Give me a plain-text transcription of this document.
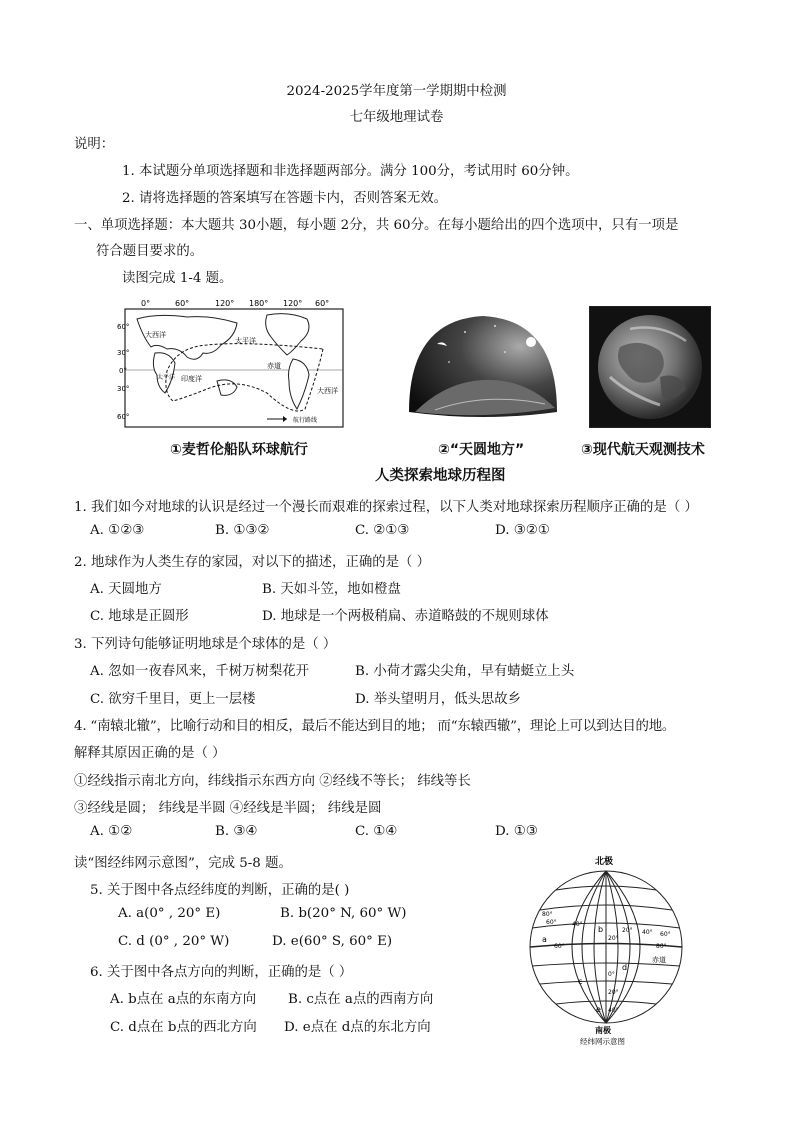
2024-2025学年度第一学期期中检测
七年级地理试卷
说明：
1. 本试题分单项选择题和非选择题两部分。满分 100分，考试用时 60分钟。
2. 请将选择题的答案填写在答题卡内，否则答案无效。
一、单项选择题：本大题共 30小题，每小题 2分，共 60分。在每小题给出的四个选项中，只有一项是
符合题目要求的。
读图完成 1-4 题。
0°	60°	120° 180° 120° 60°
60°
30°
0°
30°
60°
太平洋
大西洋
印度洋
大西洋
太平洋
赤道
航行路线
①麦哲伦船队环球航行	②“天圆地方”	③现代航天观测技术
人类探索地球历程图
1. 我们如今对地球的认识是经过一个漫长而艰难的探索过程，以下人类对地球探索历程顺序正确的是（ ）
A. ①②③	B. ①③②	C. ②①③	D. ③②①
2. 地球作为人类生存的家园，对以下的描述，正确的是（ ）
A. 天圆地方	B. 天如斗笠，地如橙盘
C. 地球是正圆形	D. 地球是一个两极稍扁、赤道略鼓的不规则球体
3. 下列诗句能够证明地球是个球体的是（ ）
A. 忽如一夜春风来，千树万树梨花开	B. 小荷才露尖尖角，早有蜻蜓立上头
C. 欲穷千里目，更上一层楼	D. 举头望明月，低头思故乡
4. “南辕北辙”，比喻行动和目的相反，最后不能达到目的地； 而“东辕西辙”，理论上可以到达目的地。
解释其原因正确的是（ ）
①经线指示南北方向，纬线指示东西方向 ②经线不等长； 纬线等长
③经线是圆； 纬线是半圆 ④经线是半圆； 纬线是圆
A. ①②	B. ③④	C. ①④	D. ①③
读“图经纬网示意图”，完成 5-8 题。
5. 关于图中各点经纬度的判断，正确的是( )
A. a(0° , 20° E)	B. b(20° N, 60° W)
C. d (0° , 20° W)	D. e(60° S, 60° E)
6. 关于图中各点方向的判断，正确的是（ ）
A. b点在 a点的东南方向 B. c点在 a点的西南方向
C. d点在 b点的西北方向 D. e点在 d点的东北方向
北极
80°
60°	40°
20°
0°
20°
40°
60°	80°
20° 40° 60°
a
b
c
d
e
赤道
南极
经纬网示意图
